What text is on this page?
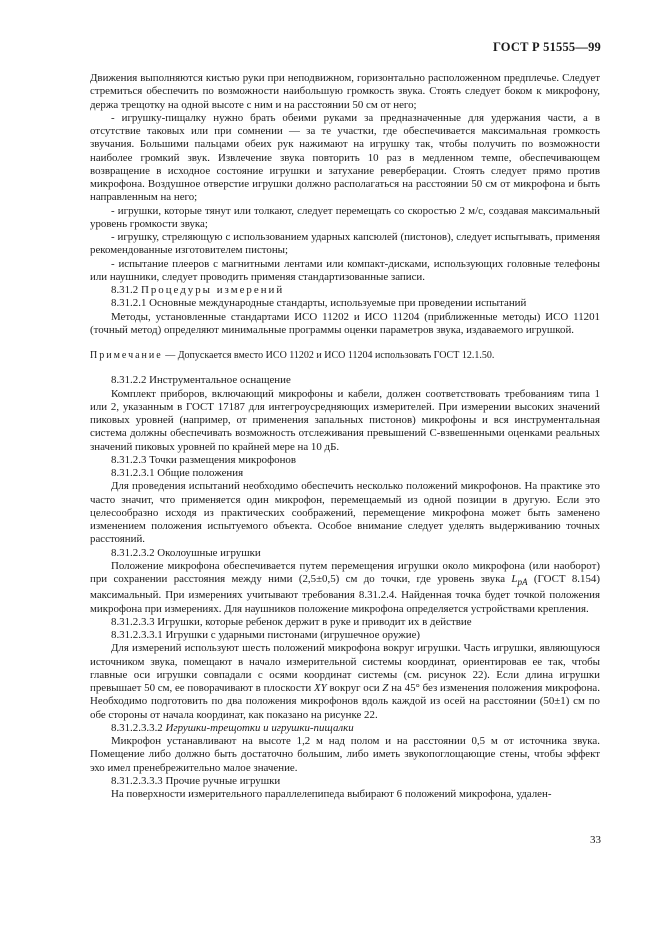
ГОСТ Р 51555—99

Движения выполняются кистью руки при неподвижном, горизонтально расположенном предплечье. Следует стремиться обеспечить по возможности наибольшую громкость звука. Стоять следует боком к микрофону, держа трещотку на одной высоте с ним и на расстоянии 50 см от него;

- игрушку-пищалку нужно брать обеими руками за предназначенные для удержания части, а в отсутствие таковых или при сомнении — за те участки, где обеспечивается максимальная громкость звучания. Большими пальцами обеих рук нажимают на игрушку так, чтобы получить по возможности наиболее громкий звук. Извлечение звука повторить 10 раз в медленном темпе, обеспечивающем возвращение в исходное состояние игрушки и затухание реверберации. Стоять следует прямо против микрофона. Воздушное отверстие игрушки должно располагаться на расстоянии 50 см от микрофона и быть направленным на него;

- игрушки, которые тянут или толкают, следует перемещать со скоростью 2 м/с, создавая максимальный уровень громкости звука;

- игрушку, стреляющую с использованием ударных капсюлей (пистонов), следует испытывать, применяя рекомендованные изготовителем пистоны;

- испытание плееров с магнитными лентами или компакт-дисками, использующих головные телефоны или наушники, следует проводить применяя стандартизованные записи.

8.31.2 Процедуры измерений

8.31.2.1 Основные международные стандарты, используемые при проведении испытаний

Методы, установленные стандартами ИСО 11202 и ИСО 11204 (приближенные методы) ИСО 11201 (точный метод) определяют минимальные программы оценки параметров звука, издаваемого игрушкой.

Примечание — Допускается вместо ИСО 11202 и ИСО 11204 использовать ГОСТ 12.1.50.

8.31.2.2 Инструментальное оснащение

Комплект приборов, включающий микрофоны и кабели, должен соответствовать требованиям типа 1 или 2, указанным в ГОСТ 17187 для интегроусредняющих измерителей. При измерении высоких значений пиковых уровней (например, от применения запальных пистонов) микрофоны и вся инструментальная система должны обеспечивать возможность отслеживания превышений С-взвешенными оценками реальных значений пиковых уровней по крайней мере на 10 дБ.

8.31.2.3 Точки размещения микрофонов

8.31.2.3.1 Общие положения

Для проведения испытаний необходимо обеспечить несколько положений микрофонов. На практике это часто значит, что применяется один микрофон, перемещаемый из одной позиции в другую. Если это целесообразно исходя из практических соображений, перемещение микрофона может быть заменено изменением положения испытуемого объекта. Особое внимание следует уделять выдерживанию точных расстояний.

8.31.2.3.2 Околоушные игрушки

Положение микрофона обеспечивается путем перемещения игрушки около микрофона (или наоборот) при сохранении расстояния между ними (2,5±0,5) см до точки, где уровень звука $L_{pA}$ (ГОСТ 8.154) максимальный. При измерениях учитывают требования 8.31.2.4. Найденная точка будет точкой положения микрофона при измерениях. Для наушников положение микрофона определяется устройствами крепления.

8.31.2.3.3 Игрушки, которые ребенок держит в руке и приводит их в действие

8.31.2.3.3.1 Игрушки с ударными пистонами (игрушечное оружие)

Для измерений используют шесть положений микрофона вокруг игрушки. Часть игрушки, являющуюся источником звука, помещают в начало измерительной системы координат, ориентировав ее так, чтобы главные оси игрушки совпадали с осями координат системы (см. рисунок 22). Если длина игрушки превышает 50 см, ее поворачивают в плоскости XY вокруг оси Z на 45° без изменения положения микрофона. Необходимо подготовить по два положения микрофонов вдоль каждой из осей на расстоянии (50±1) см по обе стороны от начала координат, как показано на рисунке 22.

8.31.2.3.3.2 Игрушки-трещотки и игрушки-пищалки

Микрофон устанавливают на высоте 1,2 м над полом и на расстоянии 0,5 м от источника звука. Помещение либо должно быть достаточно большим, либо иметь звукопоглощающие стены, чтобы эффект эхо имел пренебрежительно малое значение.

8.31.2.3.3.3 Прочие ручные игрушки

На поверхности измерительного параллелепипеда выбирают 6 положений микрофона, удален-

33
